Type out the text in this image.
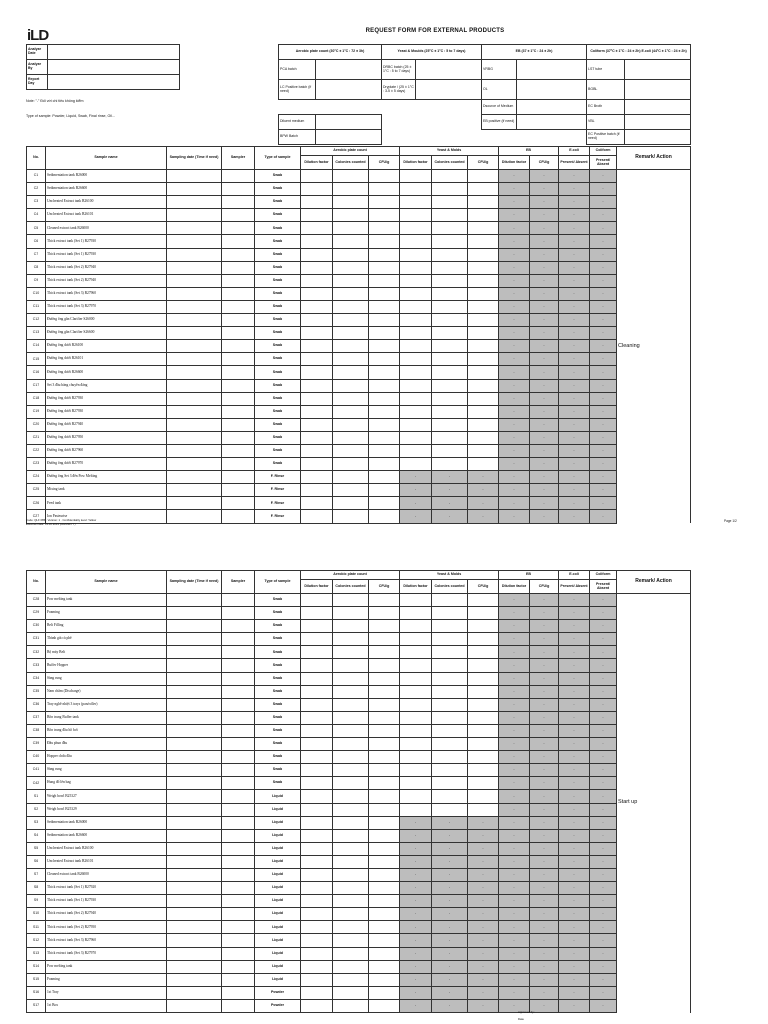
iLD	REQUEST FORM FOR EXTERNAL PRODUCTS
Analyze Date	
Analyze By	
Report Day	
Note: "-" Đối với chi tiêu không kiểm
Type of sample: Powder, Liquid, Swab, Final rinse, Oil...
Aerobic plate count (30°C ± 1°C : 72 ± 3h)		Yeast & Moulds (25°C ± 1°C : 5 to 7 days)		EB (37 ± 1°C : 24 ± 2h)		Coliform (37°C ± 1°C : 24 ± 2h) E.coli (44°C ± 1°C : 24 ± 2h)	
PCA batch		DRBC batch (25 ± 1°C : 5 to 7 days)		VRBG		LST tube	
LC Positive batch (if need)		Dryplate / (25 ± 1°C : 3-5 ± 5 days)		OL		BGBL	
				Dsource of Medium		EC Broth	
Diluent medium				EB positive (if need)		VBL	
BPW Batch						EC Positive batch (if need)	
No.	Sample name	Sampling date (Time if need)	Sampler	Type of sample	Aerobic plate count			Yeast & Molds			EB		E.coli	Coliform	Remark/ Action
					Dilution factor	Colonies counted	CFU/g	Dilution factor	Colonies counted	CFU/g	Dilution factor	CFU/g	Present/ Absent	Present/ Absent	
C1	Sedimentation tank B26000			Swab							-	-	-	-	Cleaning
C2	Sedimentation tank B26600			Swab							-	-	-	-	
C3	Unclreated Extract tank B26100			Swab							-	-	-	-	
C4	Unclreated Extract tank B26101			Swab							-	-	-	-	
C5	Cleaned extract tank B26000			Swab							-	-	-	-	
C6	Thick extract tank (Set 1) B27930			Swab							-	-	-	-	
C7	Thick extract tank (Set 1) B27930			Swab							-	-	-	-	
C8	Thick extract tank (Set 2) B27940			Swab							-	-	-	-	
C9	Thick extract tank (Set 2) B27940			Swab							-	-	-	-	
C10	Thick extract tank (Set 3) B27960			Swab							-	-	-	-	
C11	Thick extract tank (Set 3) B27970			Swab							-	-	-	-	
C12	Đường ống gần Clarifier S26000			Swab							-	-	-	-	
C13	Đường ống gần Clarifier S26600			Swab							-	-	-	-	
C14	Đường ống dưới B26100			Swab							-	-	-	-	
C15	Đường ống dưới B26101			Swab							-	-	-	-	
C16	Đường ống dưới B26600			Swab							-	-	-	-	
C17	Set 3 đầu băng chuyền đáng			Swab							-	-	-	-	
C18	Đường ống dưới B27930			Swab							-	-	-	-	
C19	Đường ống dưới B27930			Swab							-	-	-	-	
C20	Đường ống dưới B27940			Swab							-	-	-	-	
C21	Đường ống dưới B27950			Swab							-	-	-	-	
C22	Đường ống dưới B27960			Swab							-	-	-	-	
C23	Đường ống dưới B27970			Swab							-	-	-	-	
C24	Đường ống Set 3 đến Pow Melting			F. Rinse				-	-	-	-	-	-	-	
C25	Mixing tank			F. Rinse				-	-	-	-	-	-	-	
C26	Feed tank			F. Rinse				-	-	-	-	-	-	-	
C27	Ion Pasteurise			F. Rinse				-	-	-	-	-	-	-	
Code: QLF 085 · Version: 1 · Confidentiality level: Yellow
Effective Date: 01.06.2019 (DD/MM/YY)
Page 1/2
No.	Sample name	Sampling date (Time if need)	Sampler	Type of sample	Aerobic plate count			Yeast & Molds			EB		E.coli	Coliform	Remark/ Action
					Dilution factor	Colonies counted	CFU/g	Dilution factor	Colonies counted	CFU/g	Dilution factor	CFU/g	Present/ Absent	Present/ Absent	
C28	Pow melting tank			Swab							-	-	-	-	Start up
C29	Foaming			Swab							-	-	-	-	
C30	Belt Filling			Swab							-	-	-	-	
C31	Thành già cà phê			Swab							-	-	-	-	
C32	Bộ máy Belt			Swab							-	-	-	-	
C33	Buffer Hopper			Swab							-	-	-	-	
C34	Sàng rung			Swab							-	-	-	-	
C35	Nam châm (Discharge)			Swab							-	-	-	-	
C36	Tray nghề nhiệt 3 trays (pan/roller)			Swab							-	-	-	-	
C37	Bồn trung Buffer tank			Swab							-	-	-	-	
C38	Bồn trung đầu hồ bơi			Swab							-	-	-	-	
C39	Đầu phun đầu			Swab							-	-	-	-	
C40	Hopper chứa đầu			Swab							-	-	-	-	
C41	Sàng rung			Swab							-	-	-	-	
C42	Hung đổ lên bag			Swab							-	-	-	-	
S1	Weigh bowl B25327			Liquid							-	-	-	-	
S2	Weigh bowl B25329			Liquid							-	-	-	-	
S3	Sedimentation tank B26000			Liquid				-	-	-	-	-	-	-	
S4	Sedimentation tank B26600			Liquid				-	-	-	-	-	-	-	
S5	Unclreated Extract tank B26100			Liquid				-	-	-	-	-	-	-	
S6	Unclreated Extract tank B26101			Liquid				-	-	-	-	-	-	-	
S7	Cleaned extract tank B26000			Liquid				-	-	-	-	-	-	-	
S8	Thick extract tank (Set 1) B27920			Liquid				-	-	-	-	-	-	-	
S9	Thick extract tank (Set 1) B27930			Liquid				-	-	-	-	-	-	-	
S10	Thick extract tank (Set 2) B27940			Liquid				-	-	-	-	-	-	-	
S11	Thick extract tank (Set 2) B27950			Liquid				-	-	-	-	-	-	-	
S12	Thick extract tank (Set 3) B27960			Liquid				-	-	-	-	-	-	-	
S13	Thick extract tank (Set 3) B27970			Liquid				-	-	-	-	-	-	-	
S14	Pow melting tank			Liquid				-	-	-	-	-	-	-	
S15	Foaming			Liquid				-	-	-	-	-	-	-	
S16	1st Tray			Powder				-	-	-	-	-	-	-	
S17	1st Box			Powder				-	-	-	-	-	-	-	
Approved by:
Date
